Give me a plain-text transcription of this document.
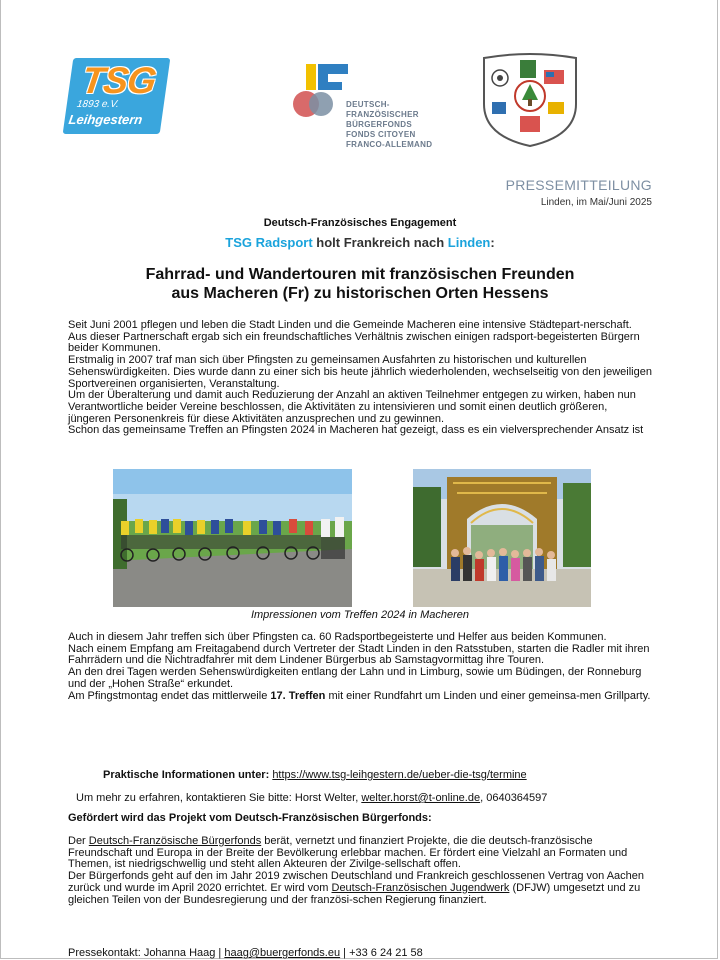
TSG
1893 e.V.
Leihgestern
DEUTSCH-
FRANZÖSISCHER
BÜRGERFONDS
FONDS CITOYEN
FRANCO-ALLEMAND
PRESSEMITTEILUNG
Linden, im Mai/Juni 2025
Deutsch-Französisches Engagement
TSG Radsport holt Frankreich nach Linden:
Fahrrad- und Wandertouren mit französischen Freunden
aus Macheren (Fr) zu historischen Orten Hessens

Seit Juni 2001 pflegen und leben die Stadt Linden und die Gemeinde Macheren eine intensive Städtepart-nerschaft. Aus dieser Partnerschaft ergab sich ein freundschaftliches Verhältnis zwischen einigen radsport-begeisterten Bürgern beider Kommunen.

Erstmalig in 2007 traf man sich über Pfingsten zu gemeinsamen Ausfahrten zu historischen und kulturellen Sehenswürdigkeiten. Dies wurde dann zu einer sich bis heute jährlich wiederholenden, wechselseitig von den jeweiligen Sportvereinen organisierten, Veranstaltung.

Um der Überalterung und damit auch Reduzierung der Anzahl an aktiven Teilnehmer entgegen zu wirken, haben nun Verantwortliche beider Vereine beschlossen, die Aktivitäten zu intensivieren und somit einen deutlich größeren, jüngeren Personenkreis für diese Aktivitäten anzusprechen und zu gewinnen.

Schon das gemeinsame Treffen an Pfingsten 2024 in Macheren hat gezeigt, dass es ein vielversprechender Ansatz ist

Impressionen vom Treffen 2024 in Macheren

Auch in diesem Jahr treffen sich über Pfingsten ca. 60 Radsportbegeisterte und Helfer aus beiden Kommunen.

Nach einem Empfang am Freitagabend durch Vertreter der Stadt Linden in den Ratsstuben, starten die Radler mit ihren Fahrrädern und die Nichtradfahrer mit dem Lindener Bürgerbus ab Samstagvormittag ihre Touren.

An den drei Tagen werden Sehenswürdigkeiten entlang der Lahn und in Limburg, sowie um Büdingen, der Ronneburg und der „Hohen Straße“ erkundet.

Am Pfingstmontag endet das mittlerweile 17. Treffen mit einer Rundfahrt um Linden und einer gemeinsa-men Grillparty.

Praktische Informationen unter: https://www.tsg-leihgestern.de/ueber-die-tsg/termine
Um mehr zu erfahren, kontaktieren Sie bitte: Horst Welter, welter.horst@t-online.de, 0640364597
Gefördert wird das Projekt vom Deutsch-Französischen Bürgerfonds:

Der Deutsch-Französische Bürgerfonds berät, vernetzt und finanziert Projekte, die die deutsch-französische Freundschaft und Europa in der Breite der Bevölkerung erlebbar machen. Er fördert eine Vielzahl an Formaten und Themen, ist niedrigschwellig und steht allen Akteuren der Zivilge-sellschaft offen.

Der Bürgerfonds geht auf den im Jahr 2019 zwischen Deutschland und Frankreich geschlossenen Vertrag von Aachen zurück und wurde im April 2020 errichtet. Er wird vom Deutsch-Französischen Jugendwerk (DFJW) umgesetzt und zu gleichen Teilen von der Bundesregierung und der französi-schen Regierung finanziert.

Pressekontakt: Johanna Haag | haag@buergerfonds.eu | +33 6 24 21 58
